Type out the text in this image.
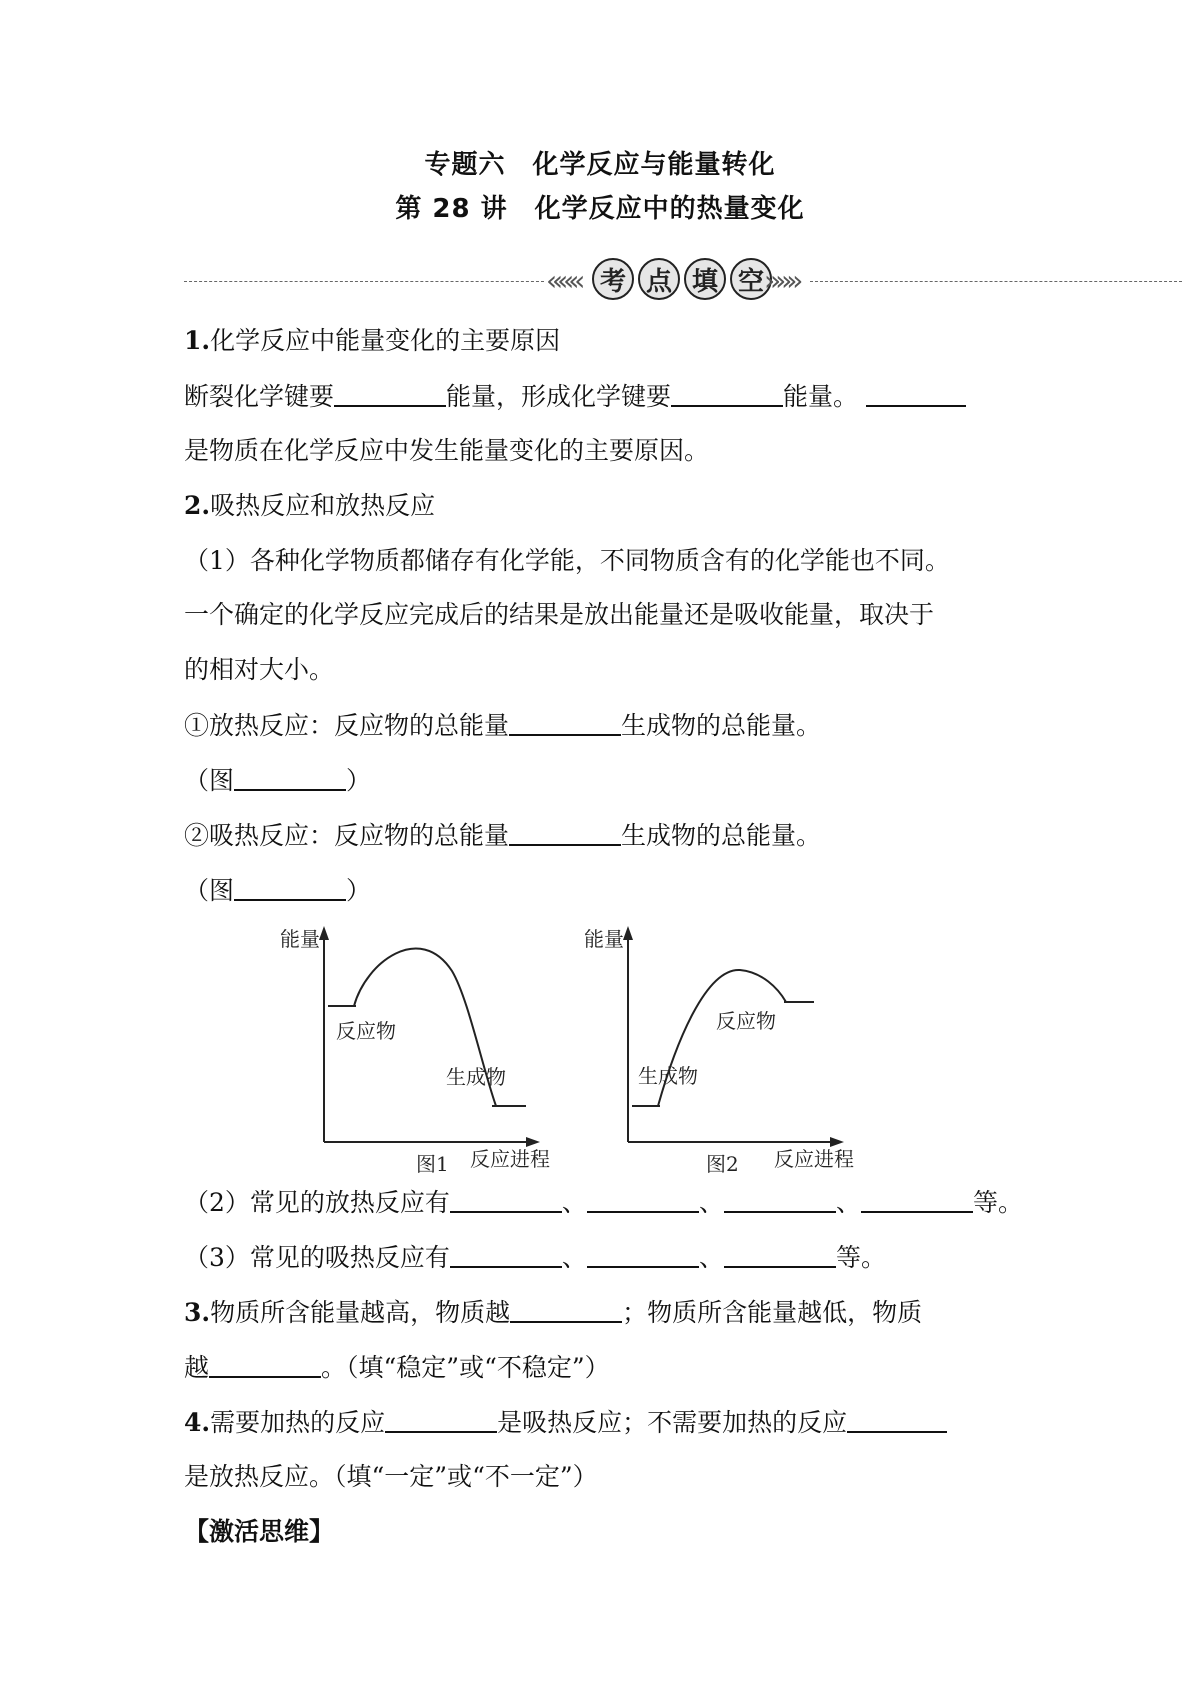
专题六　化学反应与能量转化
第 28 讲　化学反应中的热量变化
««« 考 点 填 空 »»»
1.化学反应中能量变化的主要原因
断裂化学键要	能量，形成化学键要	能量。
是物质在化学反应中发生能量变化的主要原因。
2.吸热反应和放热反应
（1）各种化学物质都储存有化学能，不同物质含有的化学能也不同。
一个确定的化学反应完成后的结果是放出能量还是吸收能量，取决于
的相对大小。
①放热反应：反应物的总能量	生成物的总能量。
（图	）
②吸热反应：反应物的总能量	生成物的总能量。
（图	）
能量
反应进程
反应物
生成物
能量
反应进程
生成物
反应物
图1	图2
（2）常见的放热反应有	、	、	、	等。
（3）常见的吸热反应有	、	、	等。
3.物质所含能量越高，物质越	；物质所含能量越低，物质
越	。（填“稳定”或“不稳定”）
4.需要加热的反应	是吸热反应；不需要加热的反应
是放热反应。（填“一定”或“不一定”）
【激活思维】
